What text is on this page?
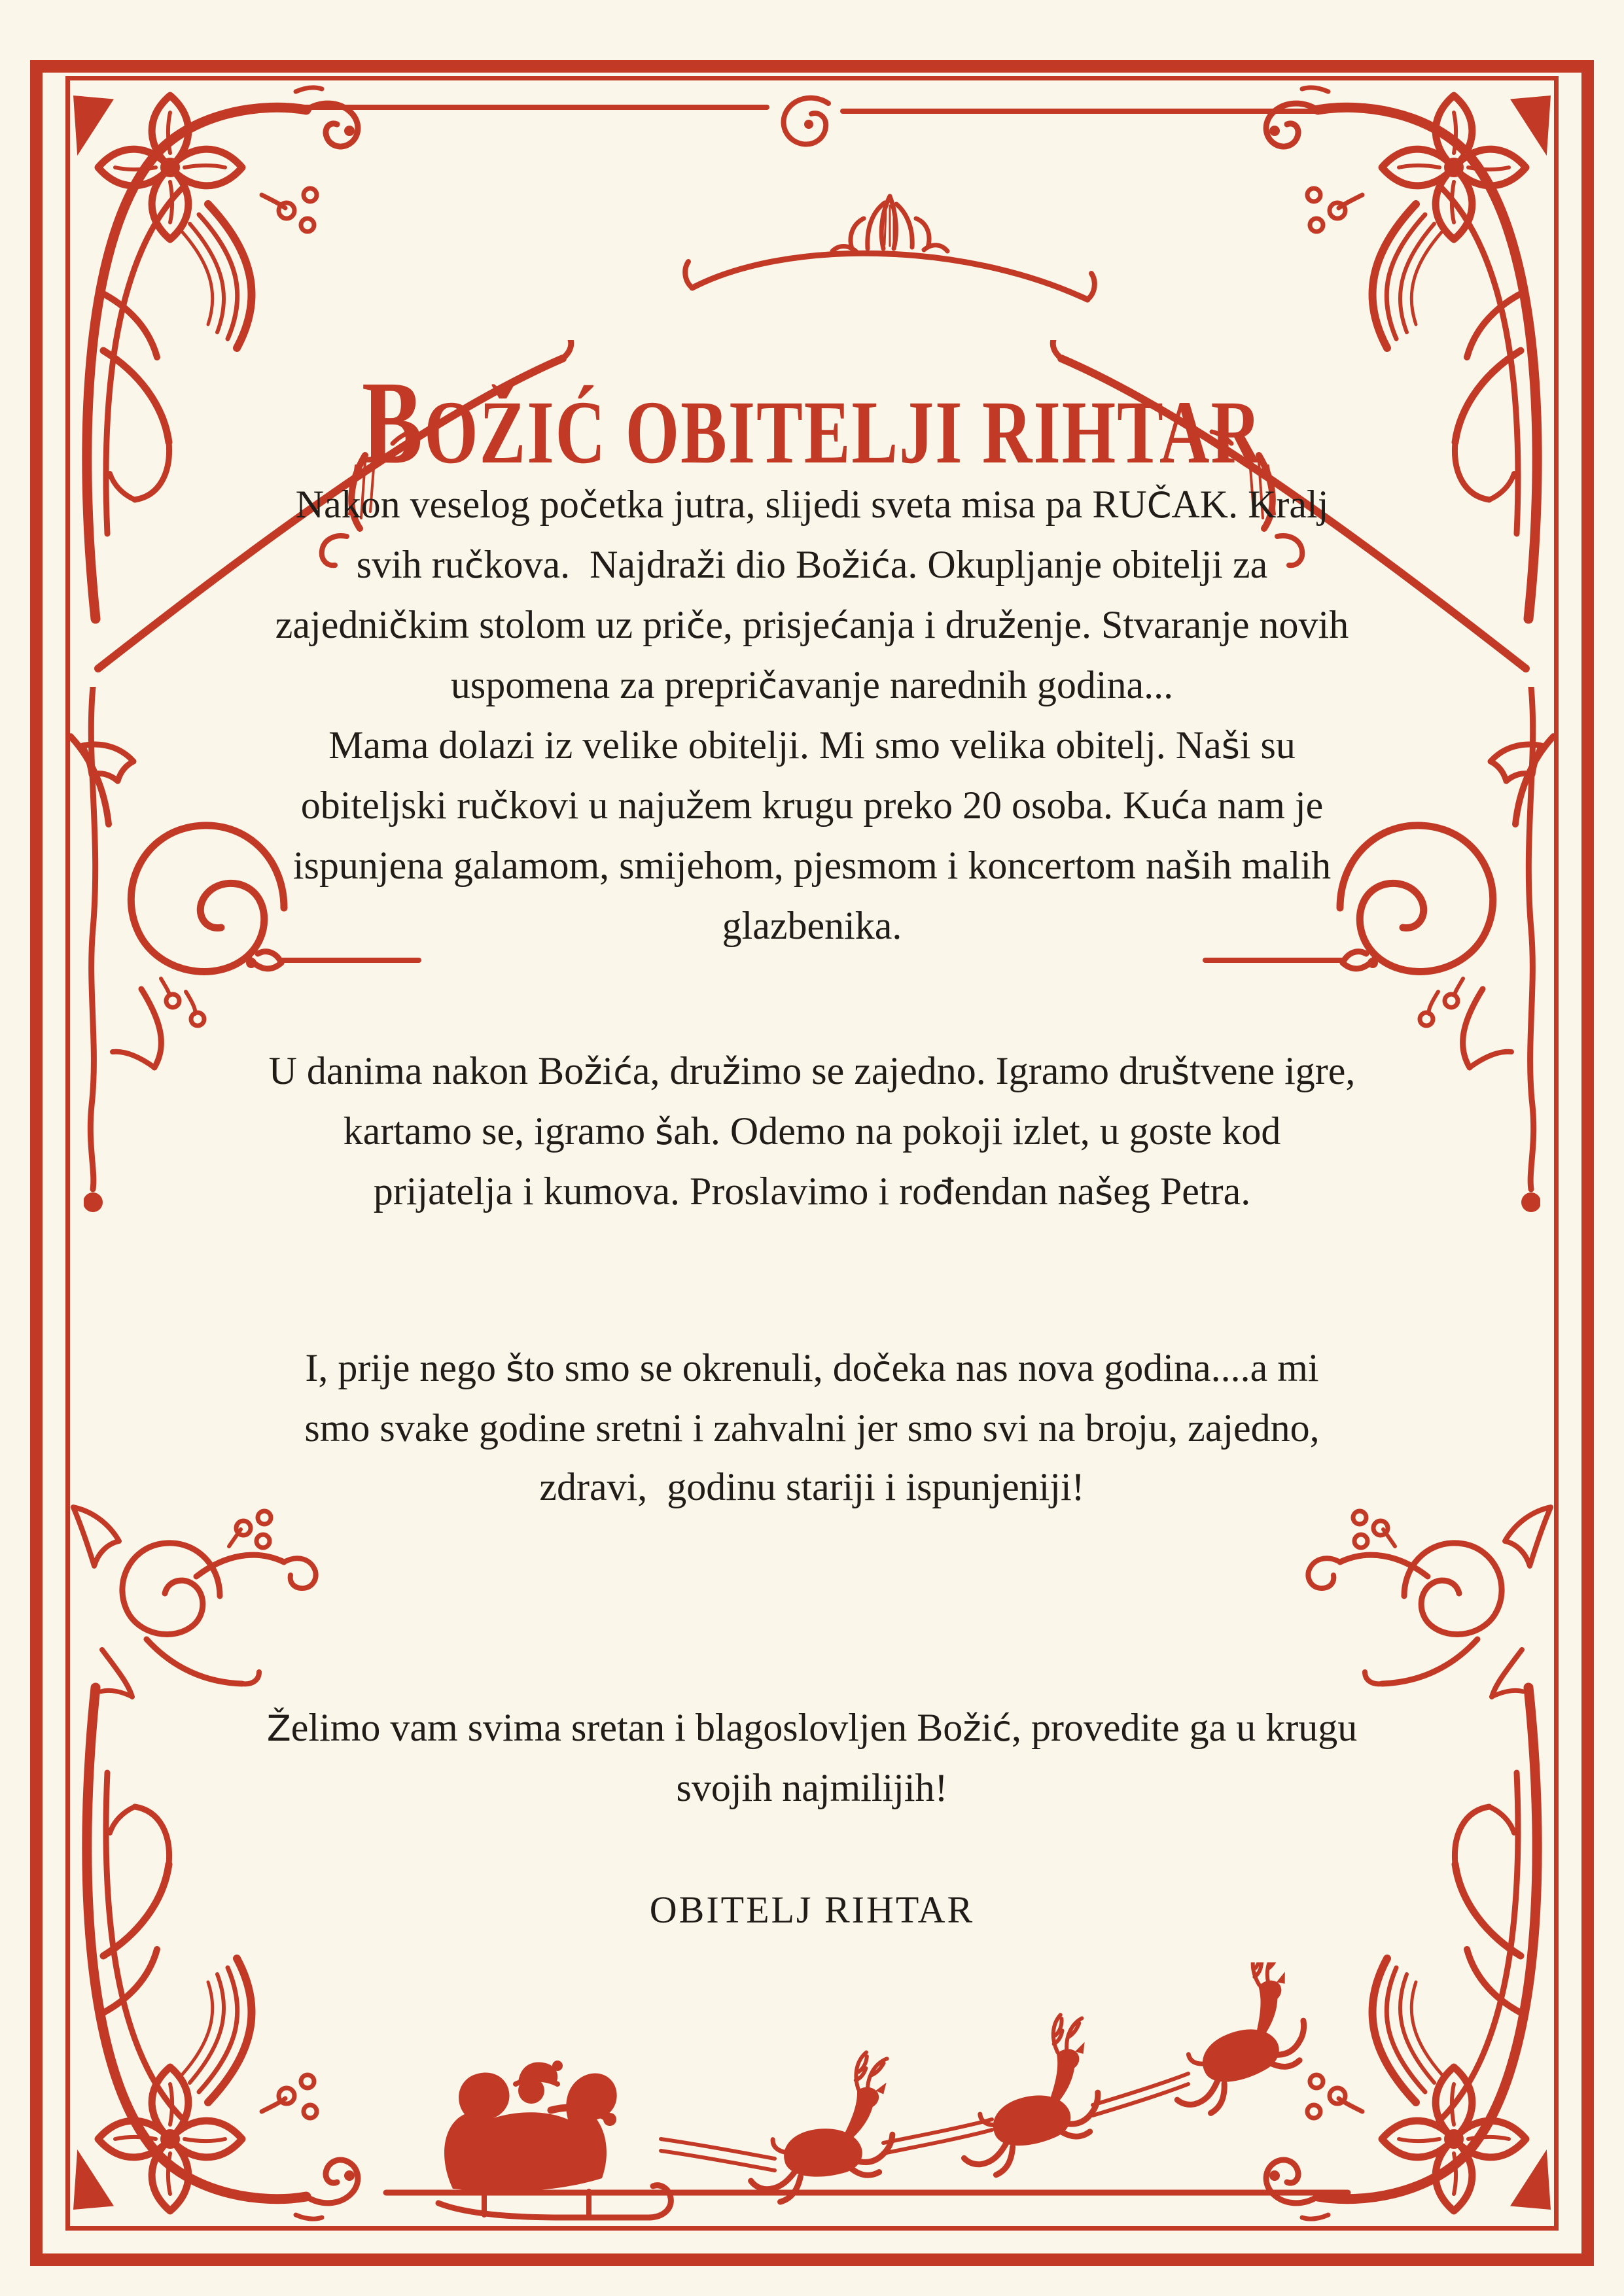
BOŽIĆ OBITELJI RIHTAR
Nakon veselog početka jutra, slijedi sveta misa pa RUČAK. Kralj
svih ručkova.  Najdraži dio Božića. Okupljanje obitelji za
zajedničkim stolom uz priče, prisjećanja i druženje. Stvaranje novih
uspomena za prepričavanje narednih godina...
Mama dolazi iz velike obitelji. Mi smo velika obitelj. Naši su
obiteljski ručkovi u najužem krugu preko 20 osoba. Kuća nam je
ispunjena galamom, smijehom, pjesmom i koncertom naših malih
glazbenika.
U danima nakon Božića, družimo se zajedno. Igramo društvene igre,
kartamo se, igramo šah. Odemo na pokoji izlet, u goste kod
prijatelja i kumova. Proslavimo i rođendan našeg Petra.
I, prije nego što smo se okrenuli, dočeka nas nova godina....a mi
smo svake godine sretni i zahvalni jer smo svi na broju, zajedno,
zdravi,  godinu stariji i ispunjeniji!
Želimo vam svima sretan i blagoslovljen Božić, provedite ga u krugu
svojih najmilijih!
OBITELJ RIHTAR
